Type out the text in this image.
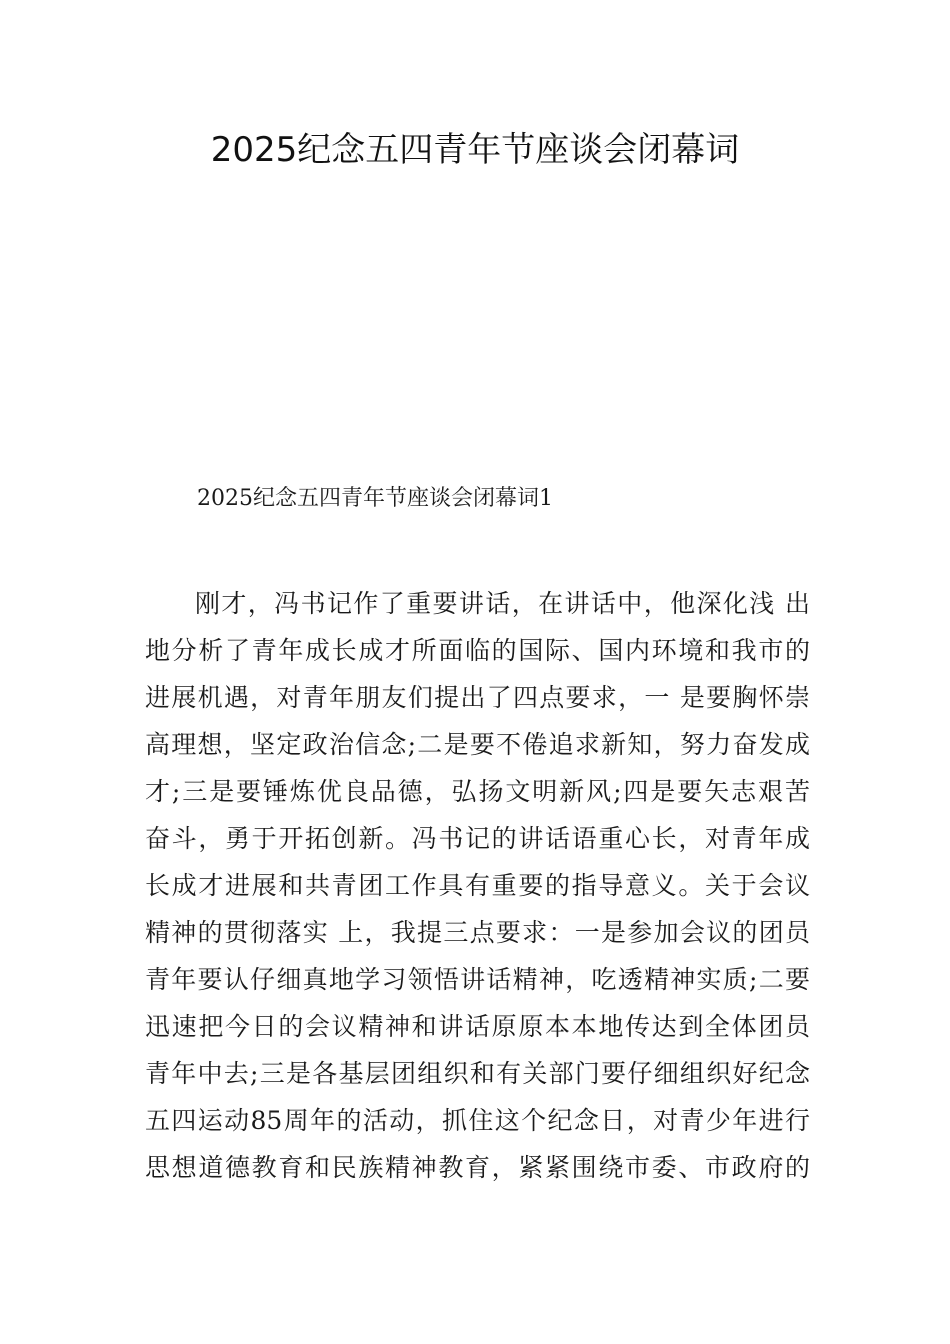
2025纪念五四青年节座谈会闭幕词

2025纪念五四青年节座谈会闭幕词1

刚才，冯书记作了重要讲话，在讲话中，他深化浅 出
地分析了青年成长成才所面临的国际、国内环境和我市的
进展机遇，对青年朋友们提出了四点要求，一 是要胸怀崇
高理想，坚定政治信念;二是要不倦追求新知，努力奋发成
才;三是要锤炼优良品德，弘扬文明新风;四是要矢志艰苦
奋斗，勇于开拓创新。冯书记的讲话语重心长，对青年成
长成才进展和共青团工作具有重要的指导意义。关于会议
精神的贯彻落实 上，我提三点要求：一是参加会议的团员
青年要认仔细真地学习领悟讲话精神，吃透精神实质;二要
迅速把今日的会议精神和讲话原原本本地传达到全体团员
青年中去;三是各基层团组织和有关部门要仔细组织好纪念
五四运动85周年的活动，抓住这个纪念日，对青少年进行
思想道德教育和民族精神教育，紧紧围绕市委、市政府的
